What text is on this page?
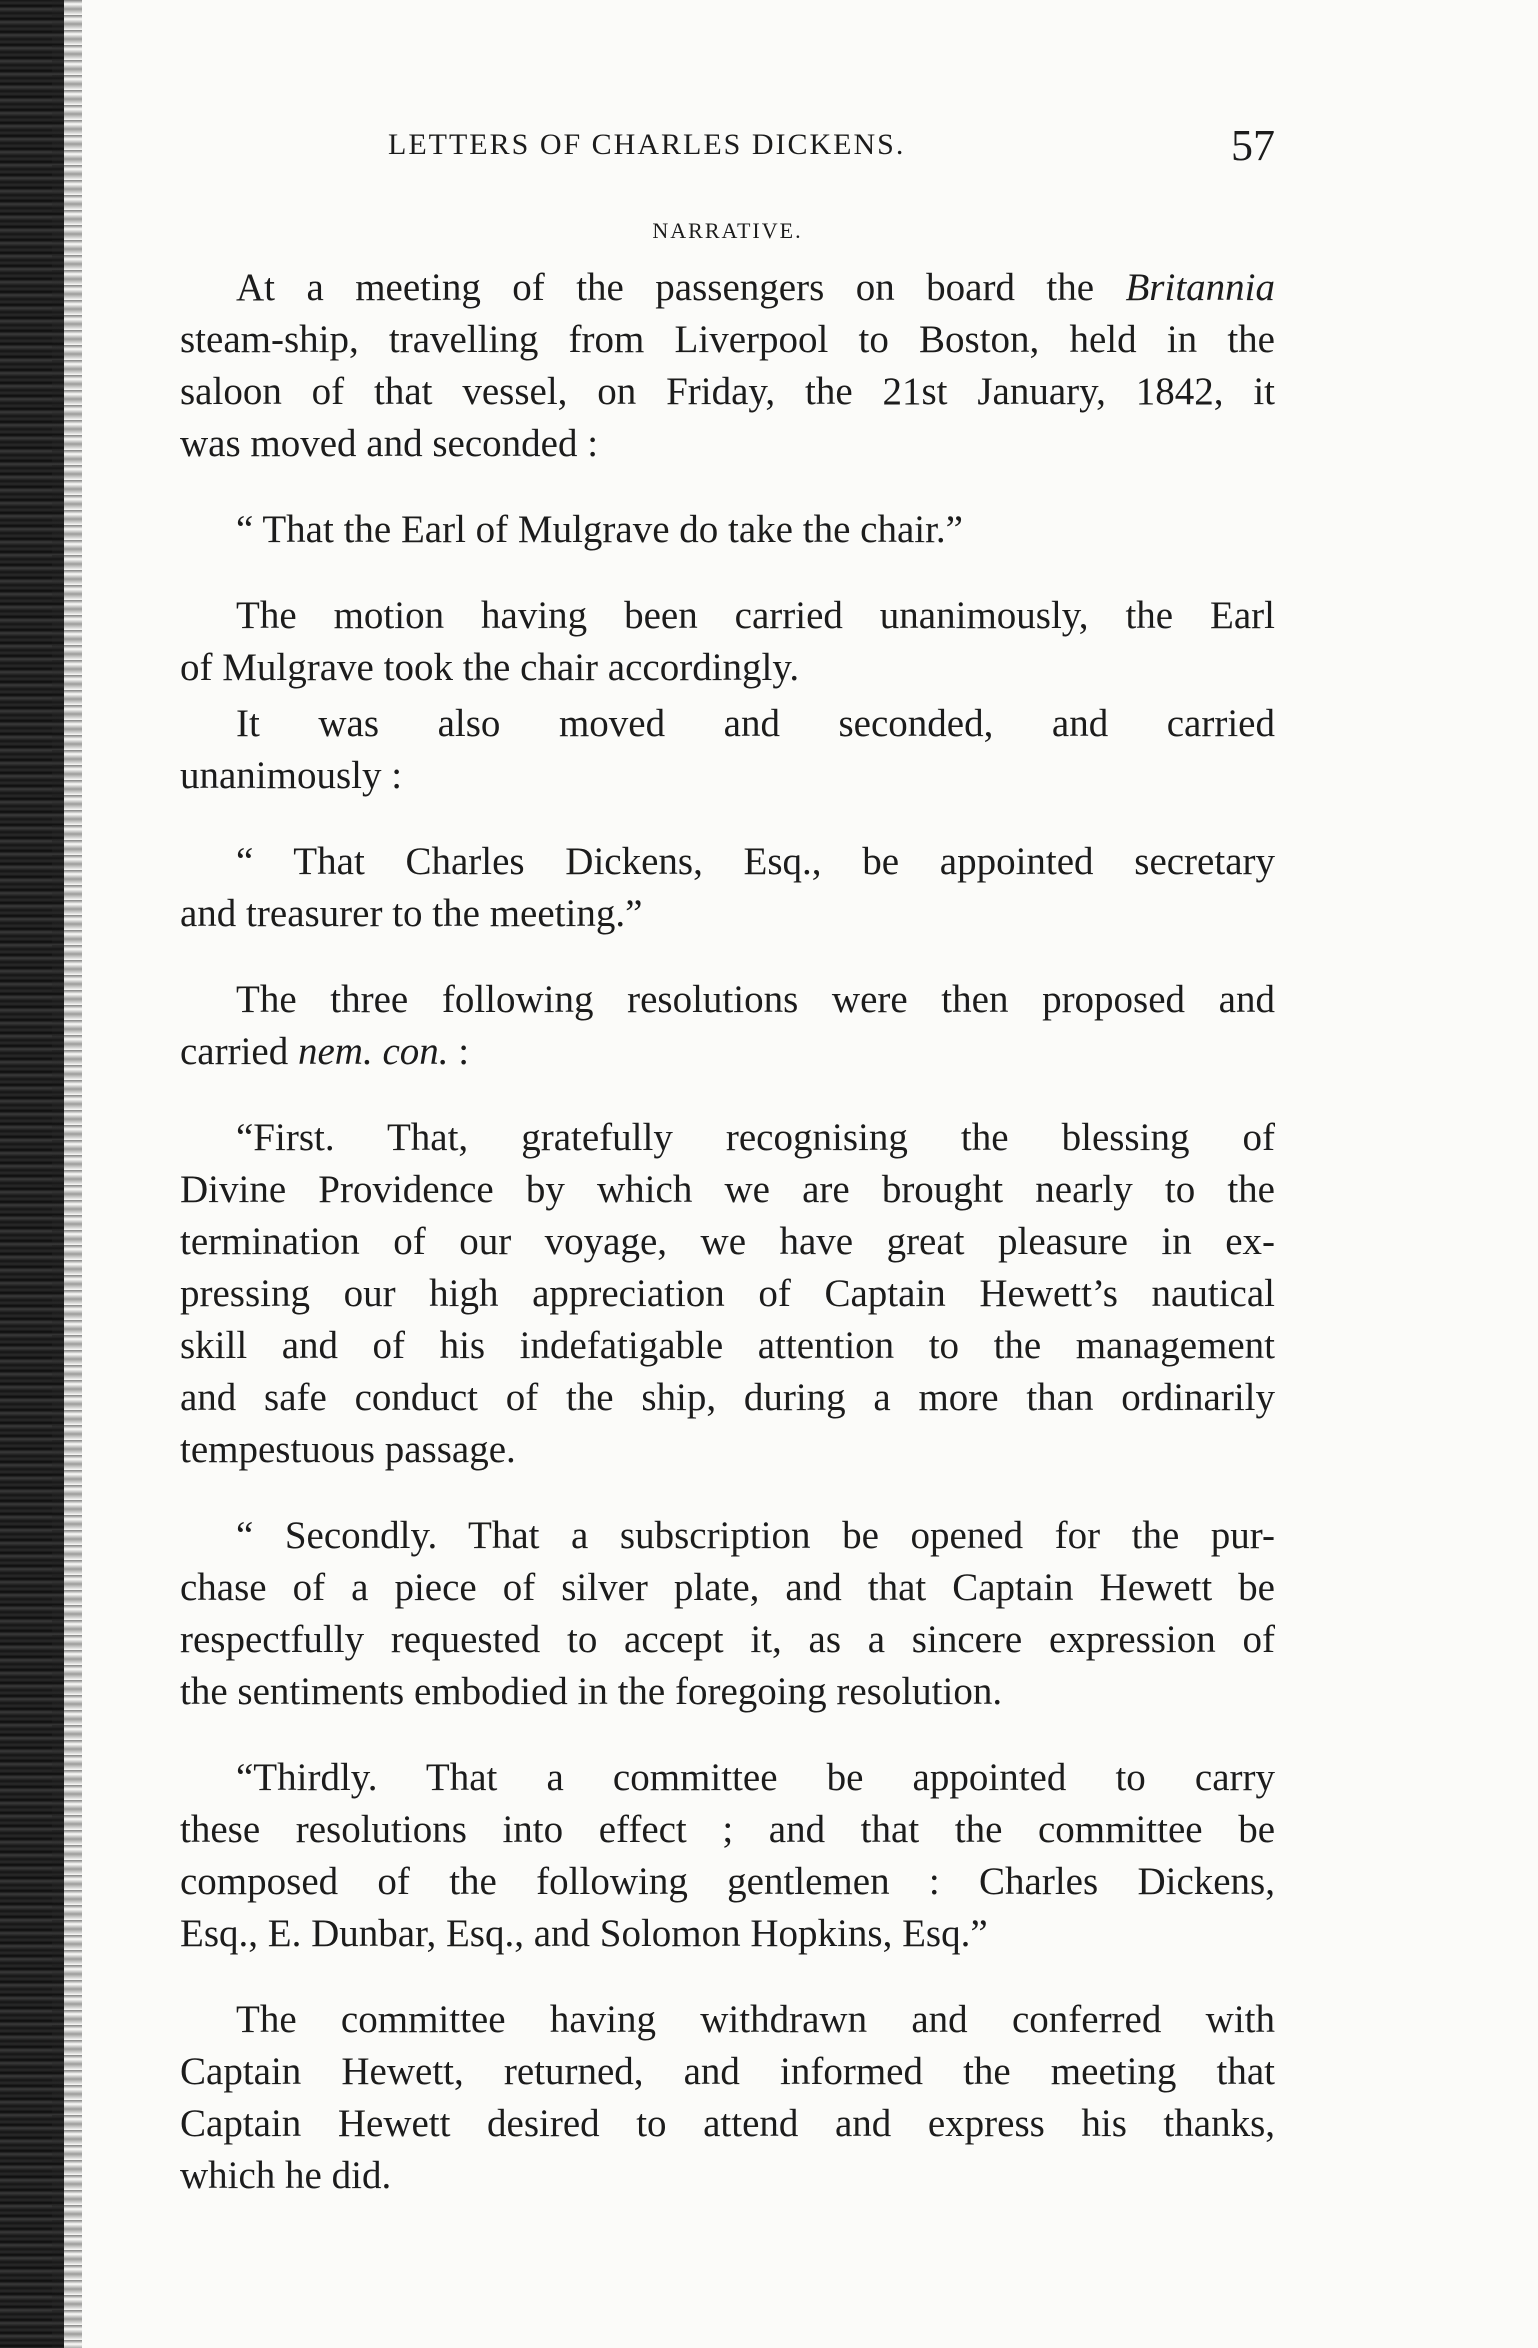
LETTERS OF CHARLES DICKENS.	57
NARRATIVE.
At a meeting of the passengers on board the Britannia
steam-ship, travelling from Liverpool to Boston, held in the
saloon of that vessel, on Friday, the 21st January, 1842, it
was moved and seconded :
“ That the Earl of Mulgrave do take the chair.”
The motion having been carried unanimously, the Earl
of Mulgrave took the chair accordingly.
It was also moved and seconded, and carried
unanimously :
“ That Charles Dickens, Esq., be appointed secretary
and treasurer to the meeting.”
The three following resolutions were then proposed and
carried nem. con. :
“First. That, gratefully recognising the blessing of
Divine Providence by which we are brought nearly to the
termination of our voyage, we have great pleasure in ex-
pressing our high appreciation of Captain Hewett’s nautical
skill and of his indefatigable attention to the management
and safe conduct of the ship, during a more than ordinarily
tempestuous passage.
“ Secondly. That a subscription be opened for the pur-
chase of a piece of silver plate, and that Captain Hewett be
respectfully requested to accept it, as a sincere expression of
the sentiments embodied in the foregoing resolution.
“Thirdly. That a committee be appointed to carry
these resolutions into effect ; and that the committee be
composed of the following gentlemen : Charles Dickens,
Esq., E. Dunbar, Esq., and Solomon Hopkins, Esq.”
The committee having withdrawn and conferred with
Captain Hewett, returned, and informed the meeting that
Captain Hewett desired to attend and express his thanks,
which he did.
